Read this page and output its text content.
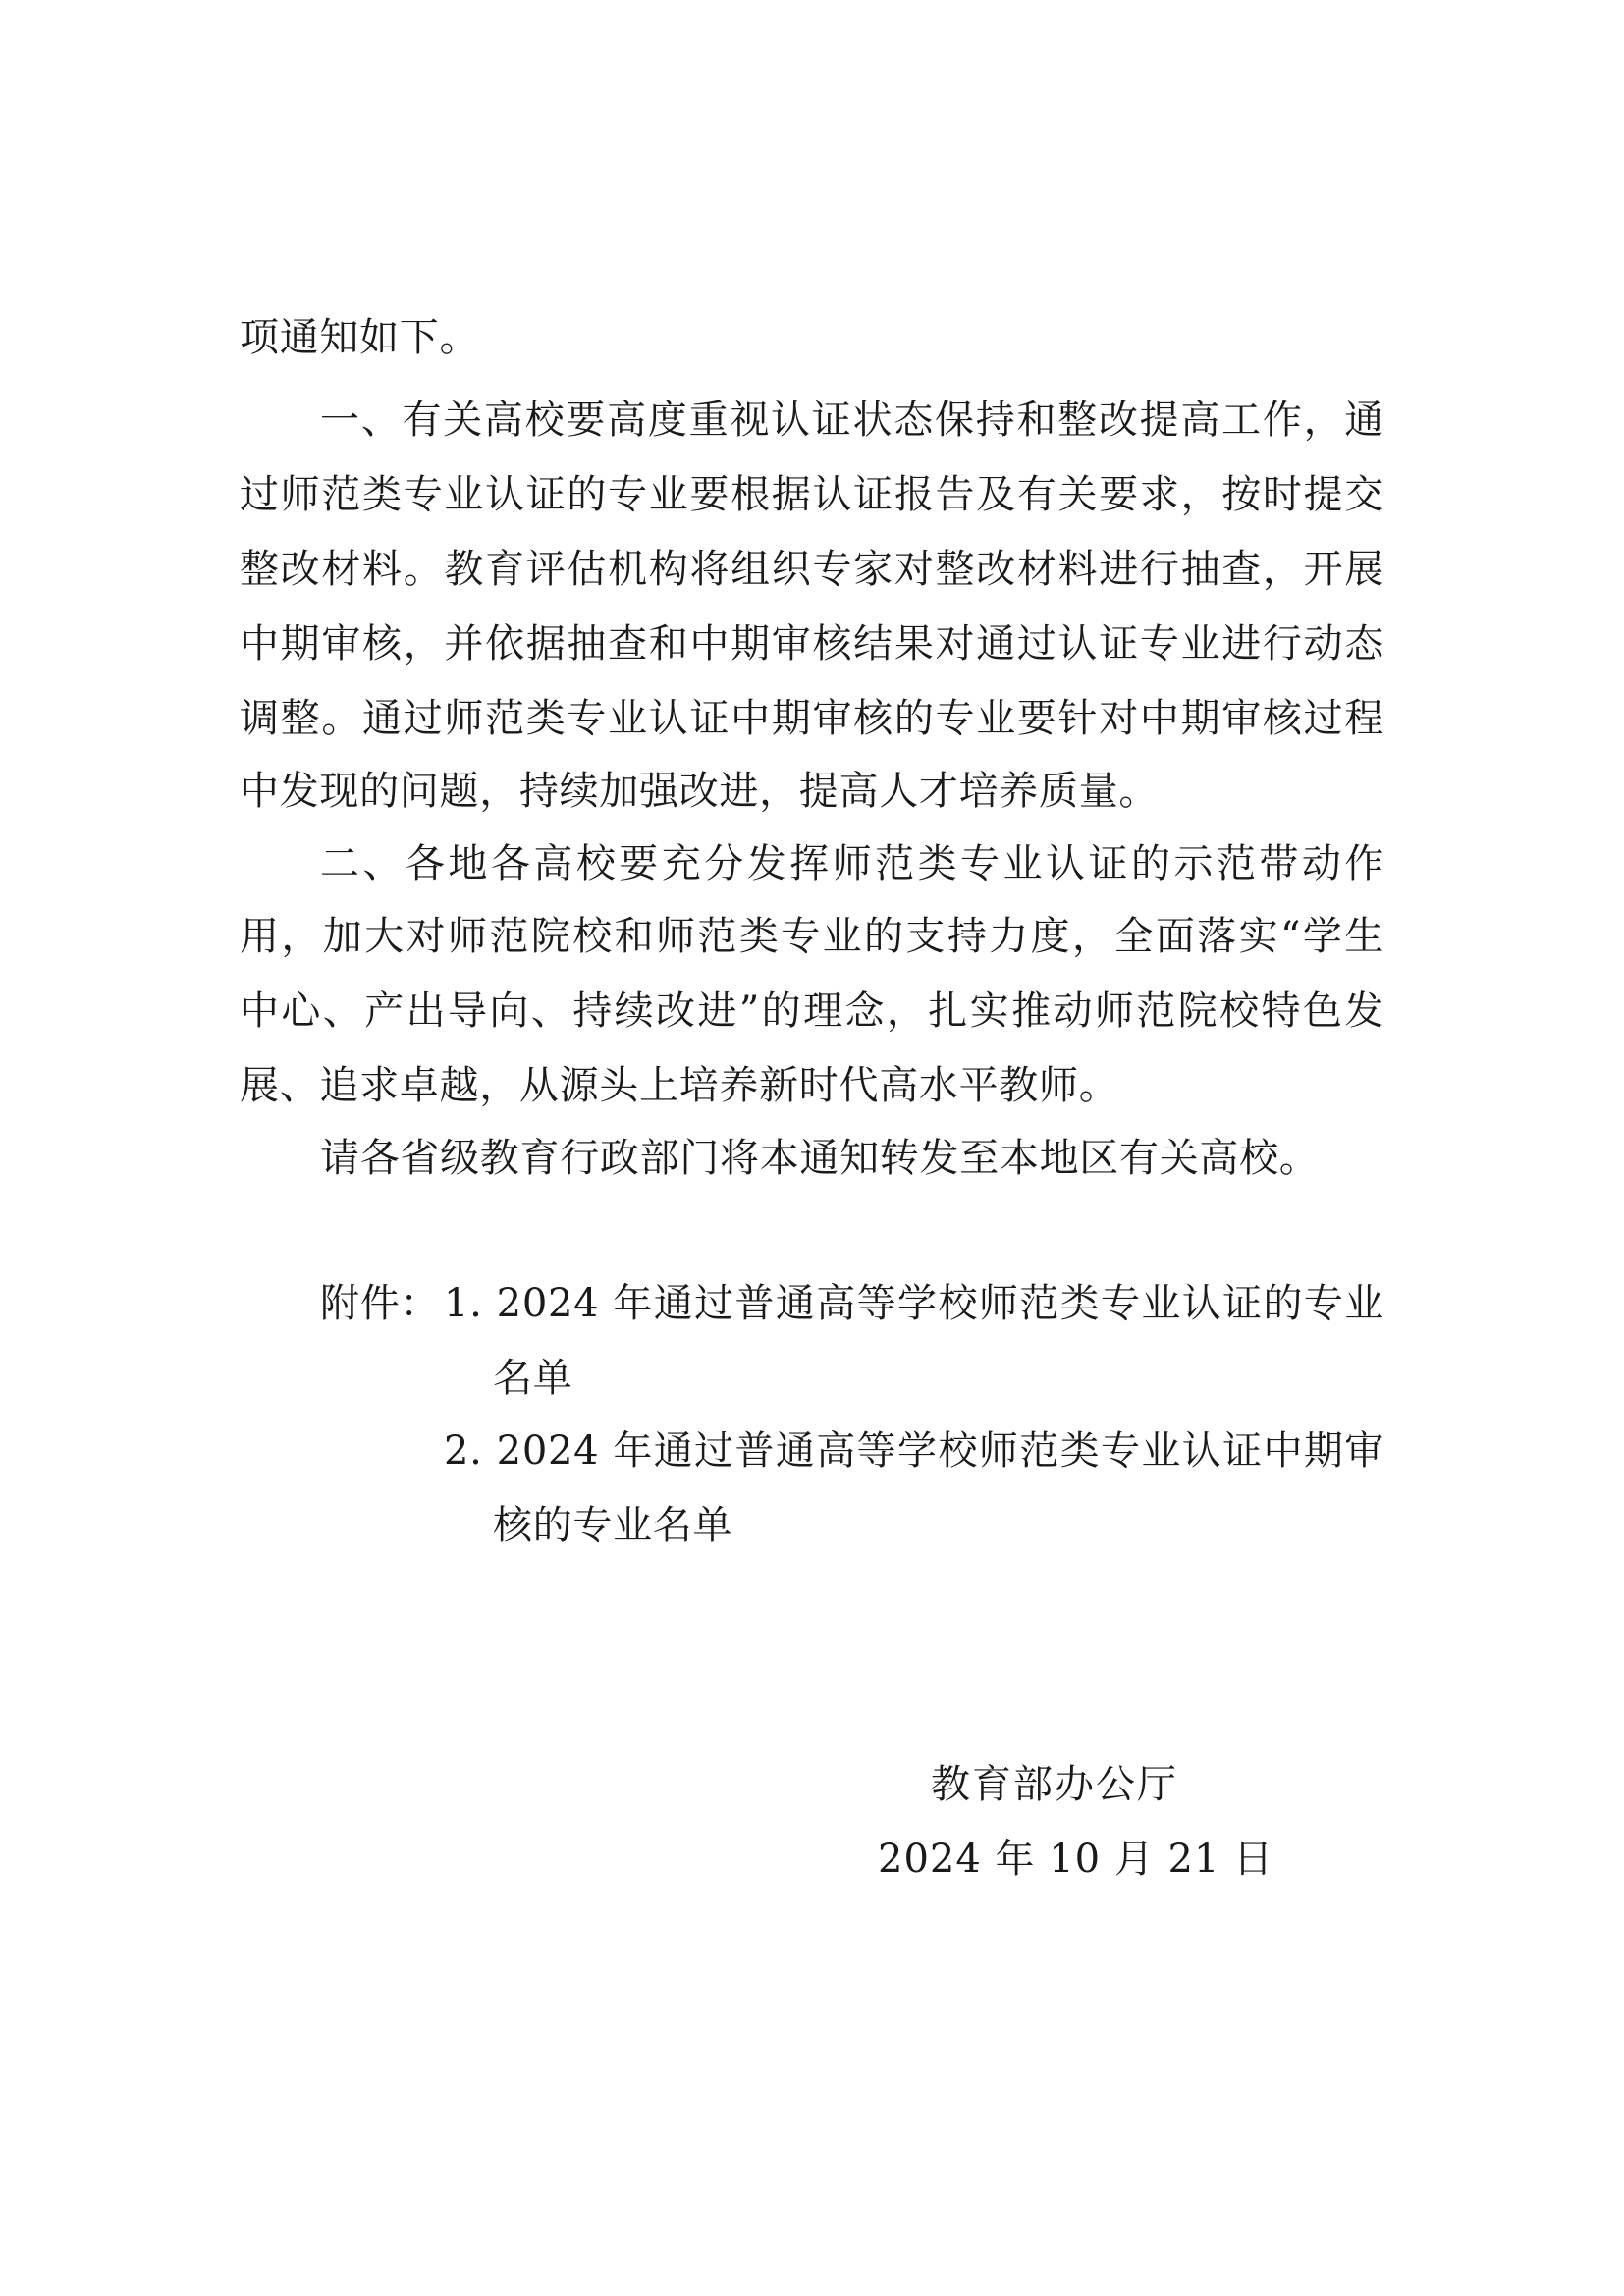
项通知如下。
一、有关高校要高度重视认证状态保持和整改提高工作，通
过师范类专业认证的专业要根据认证报告及有关要求，按时提交
整改材料。教育评估机构将组织专家对整改材料进行抽查，开展
中期审核，并依据抽查和中期审核结果对通过认证专业进行动态
调整。通过师范类专业认证中期审核的专业要针对中期审核过程
中发现的问题，持续加强改进，提高人才培养质量。
二、各地各高校要充分发挥师范类专业认证的示范带动作
用，加大对师范院校和师范类专业的支持力度，全面落实“学生
中心、产出导向、持续改进”的理念，扎实推动师范院校特色发
展、追求卓越，从源头上培养新时代高水平教师。
请各省级教育行政部门将本通知转发至本地区有关高校。
附件： 1. 2024 年通过普通高等学校师范类专业认证的专业
名单
2. 2024 年通过普通高等学校师范类专业认证中期审
核的专业名单
教育部办公厅
2024 年 10 月 21 日
